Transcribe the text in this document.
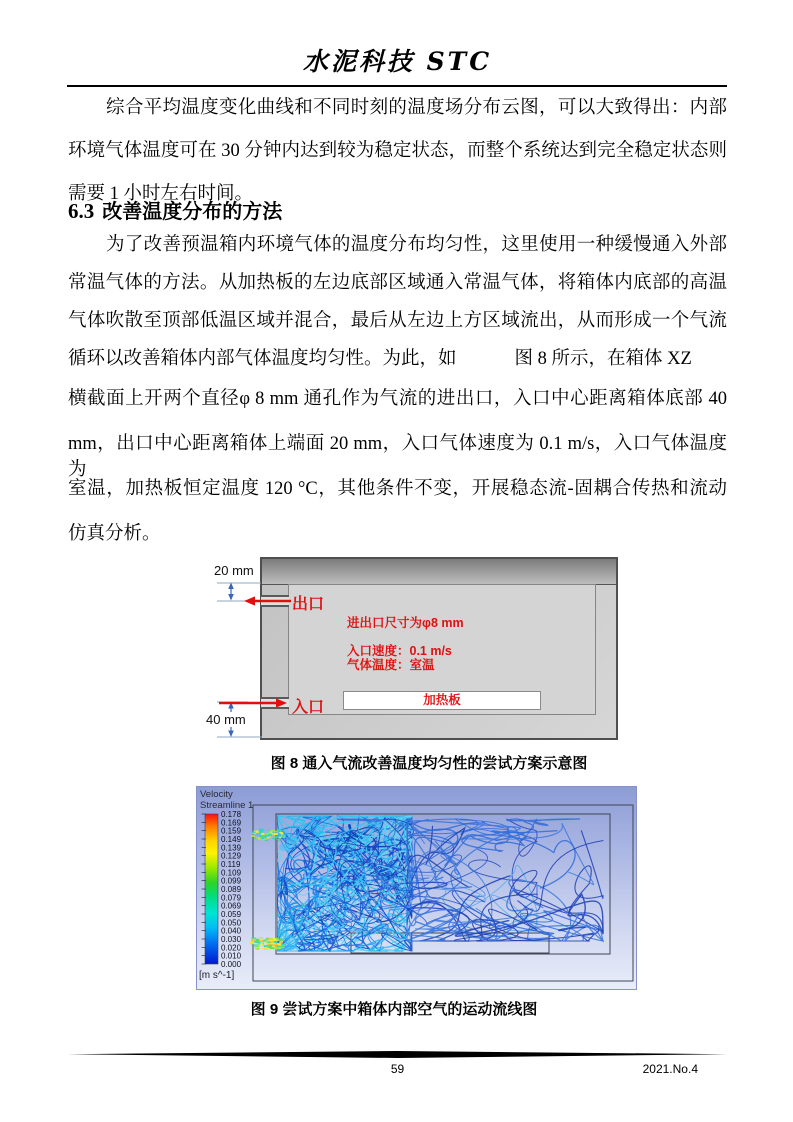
水泥科技 STC
综合平均温度变化曲线和不同时刻的温度场分布云图，可以大致得出：内部
环境气体温度可在 30 分钟内达到较为稳定状态，而整个系统达到完全稳定状态则
需要 1 小时左右时间。
6.3 改善温度分布的方法
为了改善预温箱内环境气体的温度分布均匀性，这里使用一种缓慢通入外部
常温气体的方法。从加热板的左边底部区域通入常温气体，将箱体内底部的高温
气体吹散至顶部低温区域并混合，最后从左边上方区域流出，从而形成一个气流
循环以改善箱体内部气体温度均匀性。为此，如	图 8 所示，在箱体 XZ
横截面上开两个直径φ 8 mm 通孔作为气流的进出口，入口中心距离箱体底部 40
mm，出口中心距离箱体上端面 20 mm，入口气体速度为 0.1 m/s，入口气体温度为
室温，加热板恒定温度 120 °C，其他条件不变，开展稳态流-固耦合传热和流动
仿真分析。
加热板
出口
入口
进出口尺寸为φ8 mm
入口速度：0.1 m/s
气体温度：室温
20 mm
40 mm
图 8 通入气流改善温度均匀性的尝试方案示意图
0.178
0.169
0.159
0.149
0.139
0.129
0.119
0.109
0.099
0.089
0.079
0.069
0.059
0.050
0.040
0.030
0.020
0.010
0.000
Velocity
Streamline 1
[m s^-1]
图 9 尝试方案中箱体内部空气的运动流线图
59	2021.No.4
